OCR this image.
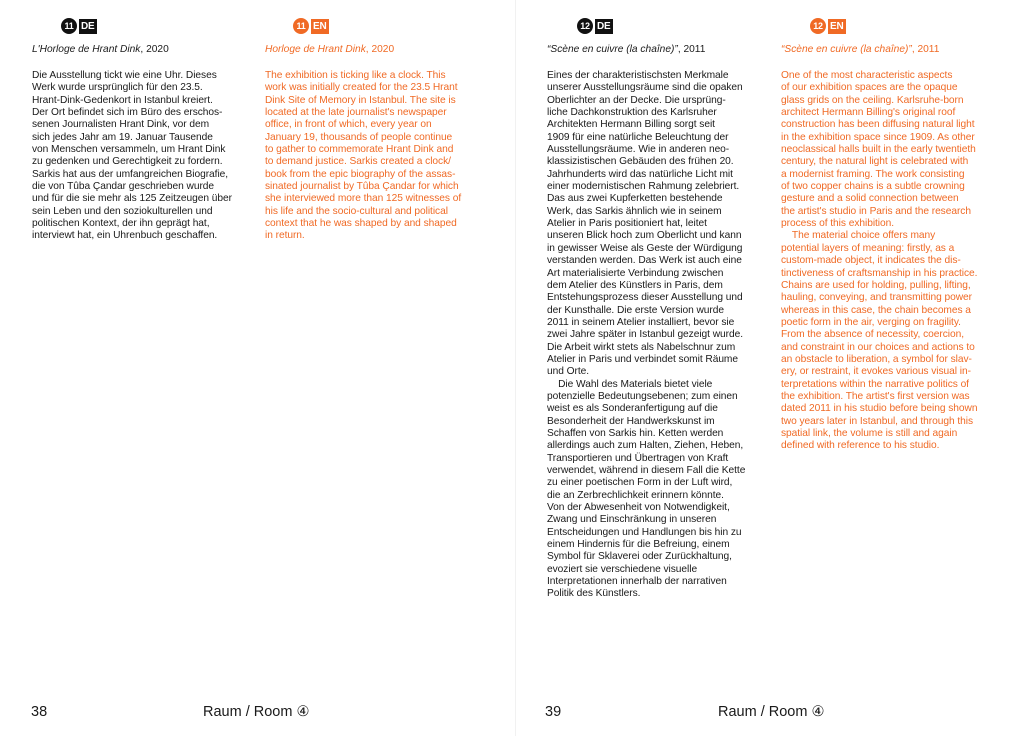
11 DE
L'Horloge de Hrant Dink, 2020
Die Ausstellung tickt wie eine Uhr. Dieses
Werk wurde ursprünglich für den 23.5.
Hrant-Dink-Gedenkort in Istanbul kreiert.
Der Ort befindet sich im Büro des erschos-
senen Journalisten Hrant Dink, vor dem
sich jedes Jahr am 19. Januar Tausende
von Menschen versammeln, um Hrant Dink
zu gedenken und Gerechtigkeit zu fordern.
Sarkis hat aus der umfangreichen Biografie,
die von Tûba Çandar geschrieben wurde
und für die sie mehr als 125 Zeitzeugen über
sein Leben und den soziokulturellen und
politischen Kontext, der ihn geprägt hat,
interviewt hat, ein Uhrenbuch geschaffen.
11 EN
Horloge de Hrant Dink, 2020
The exhibition is ticking like a clock. This
work was initially created for the 23.5 Hrant
Dink Site of Memory in Istanbul. The site is
located at the late journalist's newspaper
office, in front of which, every year on
January 19, thousands of people continue
to gather to commemorate Hrant Dink and
to demand justice. Sarkis created a clock/
book from the epic biography of the assas-
sinated journalist by Tûba Çandar for which
she interviewed more than 125 witnesses of
his life and the socio-cultural and political
context that he was shaped by and shaped
in return.
38	Raum / Room ④
12 DE
“Scène en cuivre (la chaîne)”, 2011
Eines der charakteristischsten Merkmale
unserer Ausstellungsräume sind die opaken
Oberlichter an der Decke. Die ursprüng-
liche Dachkonstruktion des Karlsruher
Architekten Hermann Billing sorgt seit
1909 für eine natürliche Beleuchtung der
Ausstellungsräume. Wie in anderen neo-
klassizistischen Gebäuden des frühen 20.
Jahrhunderts wird das natürliche Licht mit
einer modernistischen Rahmung zelebriert.
Das aus zwei Kupferketten bestehende
Werk, das Sarkis ähnlich wie in seinem
Atelier in Paris positioniert hat, leitet
unseren Blick hoch zum Oberlicht und kann
in gewisser Weise als Geste der Würdigung
verstanden werden. Das Werk ist auch eine
Art materialisierte Verbindung zwischen
dem Atelier des Künstlers in Paris, dem
Entstehungsprozess dieser Ausstellung und
der Kunsthalle. Die erste Version wurde
2011 in seinem Atelier installiert, bevor sie
zwei Jahre später in Istanbul gezeigt wurde.
Die Arbeit wirkt stets als Nabelschnur zum
Atelier in Paris und verbindet somit Räume
und Orte.
Die Wahl des Materials bietet viele
potenzielle Bedeutungsebenen; zum einen
weist es als Sonderanfertigung auf die
Besonderheit der Handwerkskunst im
Schaffen von Sarkis hin. Ketten werden
allerdings auch zum Halten, Ziehen, Heben,
Transportieren und Übertragen von Kraft
verwendet, während in diesem Fall die Kette
zu einer poetischen Form in der Luft wird,
die an Zerbrechlichkeit erinnern könnte.
Von der Abwesenheit von Notwendigkeit,
Zwang und Einschränkung in unseren
Entscheidungen und Handlungen bis hin zu
einem Hindernis für die Befreiung, einem
Symbol für Sklaverei oder Zurückhaltung,
evoziert sie verschiedene visuelle
Interpretationen innerhalb der narrativen
Politik des Künstlers.
12 EN
“Scène en cuivre (la chaîne)”, 2011
One of the most characteristic aspects
of our exhibition spaces are the opaque
glass grids on the ceiling. Karlsruhe-born
architect Hermann Billing's original roof
construction has been diffusing natural light
in the exhibition space since 1909. As other
neoclassical halls built in the early twentieth
century, the natural light is celebrated with
a modernist framing. The work consisting
of two copper chains is a subtle crowning
gesture and a solid connection between
the artist's studio in Paris and the research
process of this exhibition.
The material choice offers many
potential layers of meaning: firstly, as a
custom-made object, it indicates the dis-
tinctiveness of craftsmanship in his practice.
Chains are used for holding, pulling, lifting,
hauling, conveying, and transmitting power
whereas in this case, the chain becomes a
poetic form in the air, verging on fragility.
From the absence of necessity, coercion,
and constraint in our choices and actions to
an obstacle to liberation, a symbol for slav-
ery, or restraint, it evokes various visual in-
terpretations within the narrative politics of
the exhibition. The artist's first version was
dated 2011 in his studio before being shown
two years later in Istanbul, and through this
spatial link, the volume is still and again
defined with reference to his studio.
39	Raum / Room ④
